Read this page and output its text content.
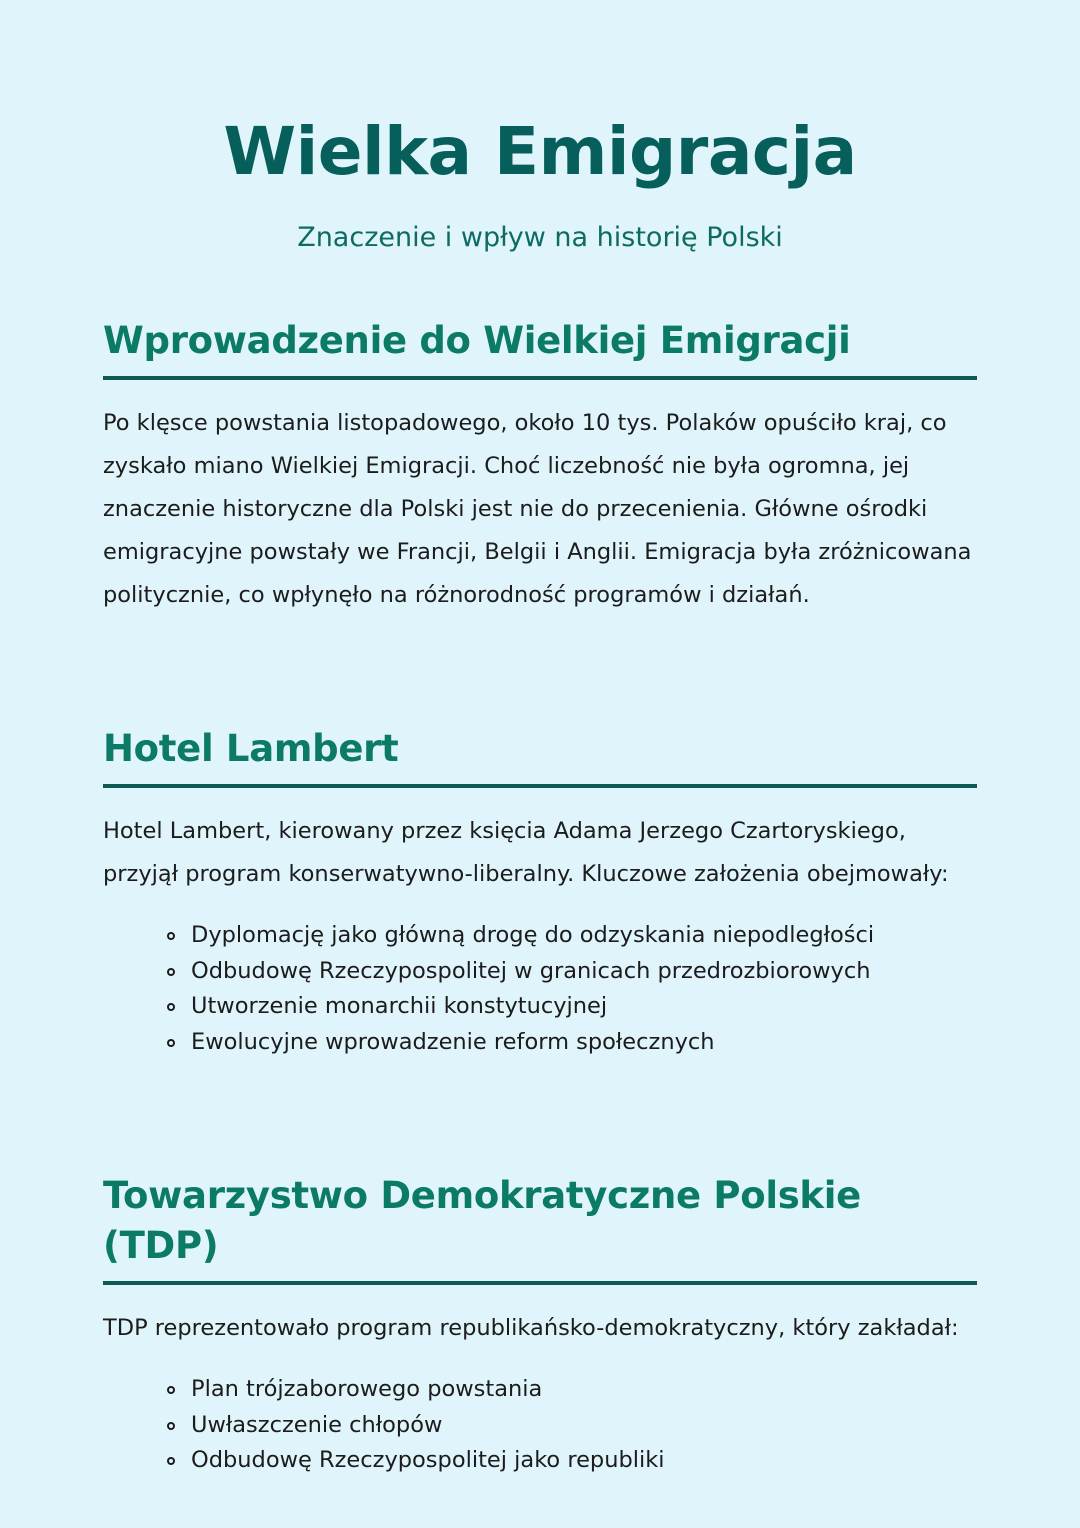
Wielka Emigracja
Znaczenie i wpływ na historię Polski
Wprowadzenie do Wielkiej Emigracji

Po klęsce powstania listopadowego, około 10 tys. Polaków opuściło kraj, co zyskało miano Wielkiej Emigracji. Choć liczebność nie była ogromna, jej znaczenie historyczne dla Polski jest nie do przecenienia. Główne ośrodki emigracyjne powstały we Francji, Belgii i Anglii. Emigracja była zróżnicowana politycznie, co wpłynęło na różnorodność programów i działań.

Hotel Lambert

Hotel Lambert, kierowany przez księcia Adama Jerzego Czartoryskiego, przyjął program konserwatywno-liberalny. Kluczowe założenia obejmowały:

Dyplomację jako główną drogę do odzyskania niepodległości
Odbudowę Rzeczypospolitej w granicach przedrozbiorowych
Utworzenie monarchii konstytucyjnej
Ewolucyjne wprowadzenie reform społecznych
Towarzystwo Demokratyczne Polskie (TDP)

TDP reprezentowało program republikańsko-demokratyczny, który zakładał:

Plan trójzaborowego powstania
Uwłaszczenie chłopów
Odbudowę Rzeczypospolitej jako republiki
